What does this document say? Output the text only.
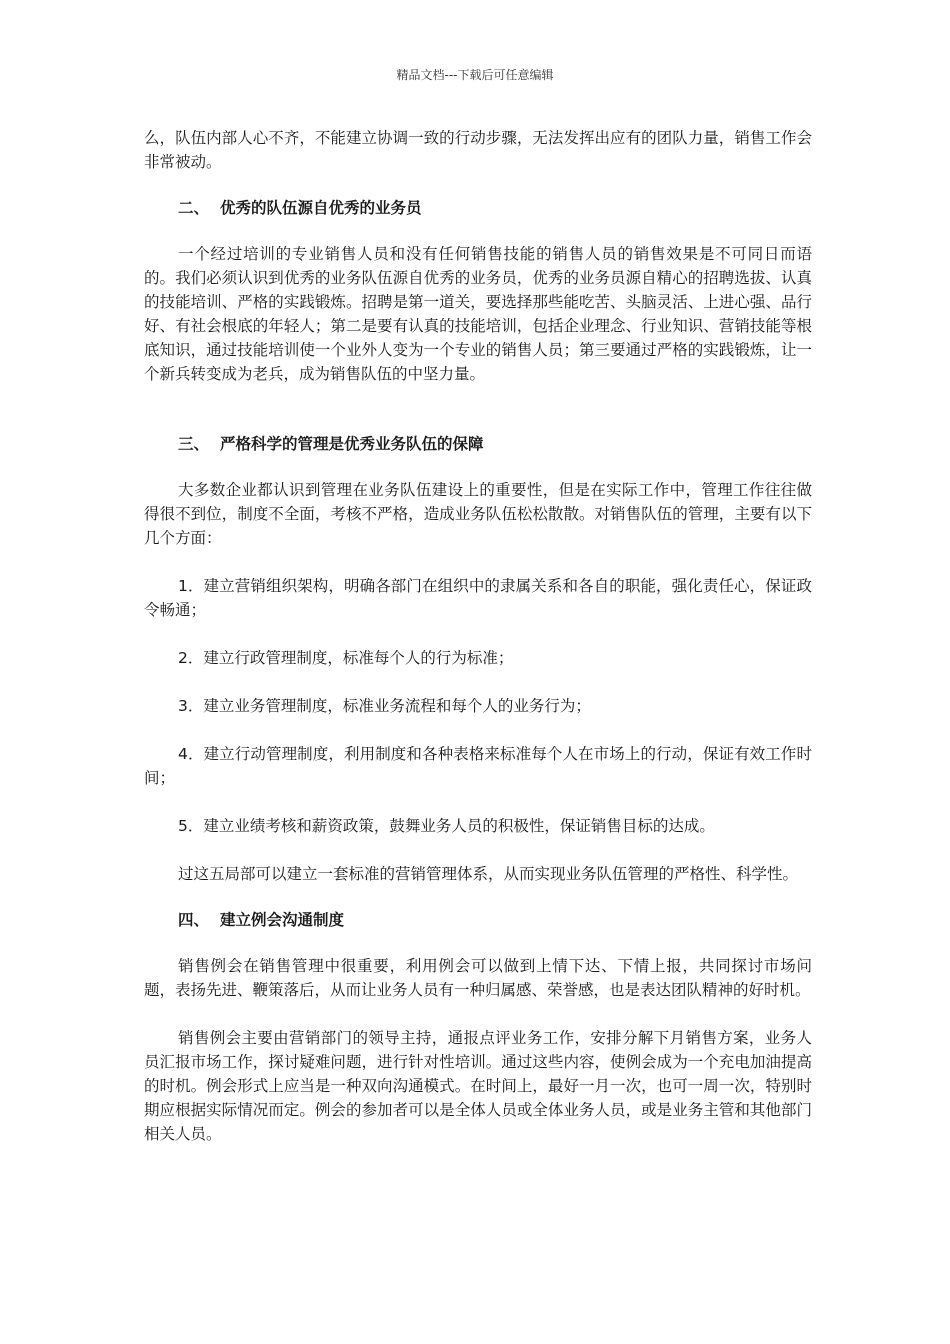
精品文档---下载后可任意编辑

么，队伍内部人心不齐，不能建立协调一致的行动步骤，无法发挥出应有的团队力量，销售工作会非常被动。

二、 优秀的队伍源自优秀的业务员

一个经过培训的专业销售人员和没有任何销售技能的销售人员的销售效果是不可同日而语的。我们必须认识到优秀的业务队伍源自优秀的业务员，优秀的业务员源自精心的招聘选拔、认真的技能培训、严格的实践锻炼。招聘是第一道关，要选择那些能吃苦、头脑灵活、上进心强、品行好、有社会根底的年轻人；第二是要有认真的技能培训，包括企业理念、行业知识、营销技能等根底知识，通过技能培训使一个业外人变为一个专业的销售人员；第三要通过严格的实践锻炼，让一个新兵转变成为老兵，成为销售队伍的中坚力量。

三、 严格科学的管理是优秀业务队伍的保障

大多数企业都认识到管理在业务队伍建设上的重要性，但是在实际工作中，管理工作往往做得很不到位，制度不全面，考核不严格，造成业务队伍松松散散。对销售队伍的管理，主要有以下几个方面：

1．建立营销组织架构，明确各部门在组织中的隶属关系和各自的职能，强化责任心，保证政令畅通；

2．建立行政管理制度，标准每个人的行为标准；

3．建立业务管理制度，标准业务流程和每个人的业务行为；

4．建立行动管理制度，利用制度和各种表格来标准每个人在市场上的行动，保证有效工作时间；

5．建立业绩考核和薪资政策，鼓舞业务人员的积极性，保证销售目标的达成。

过这五局部可以建立一套标准的营销管理体系，从而实现业务队伍管理的严格性、科学性。

四、 建立例会沟通制度

销售例会在销售管理中很重要，利用例会可以做到上情下达、下情上报，共同探讨市场问题，表扬先进、鞭策落后，从而让业务人员有一种归属感、荣誉感，也是表达团队精神的好时机。

销售例会主要由营销部门的领导主持，通报点评业务工作，安排分解下月销售方案，业务人员汇报市场工作，探讨疑难问题，进行针对性培训。通过这些内容，使例会成为一个充电加油提高的时机。例会形式上应当是一种双向沟通模式。在时间上，最好一月一次，也可一周一次，特别时期应根据实际情况而定。例会的参加者可以是全体人员或全体业务人员，或是业务主管和其他部门相关人员。
